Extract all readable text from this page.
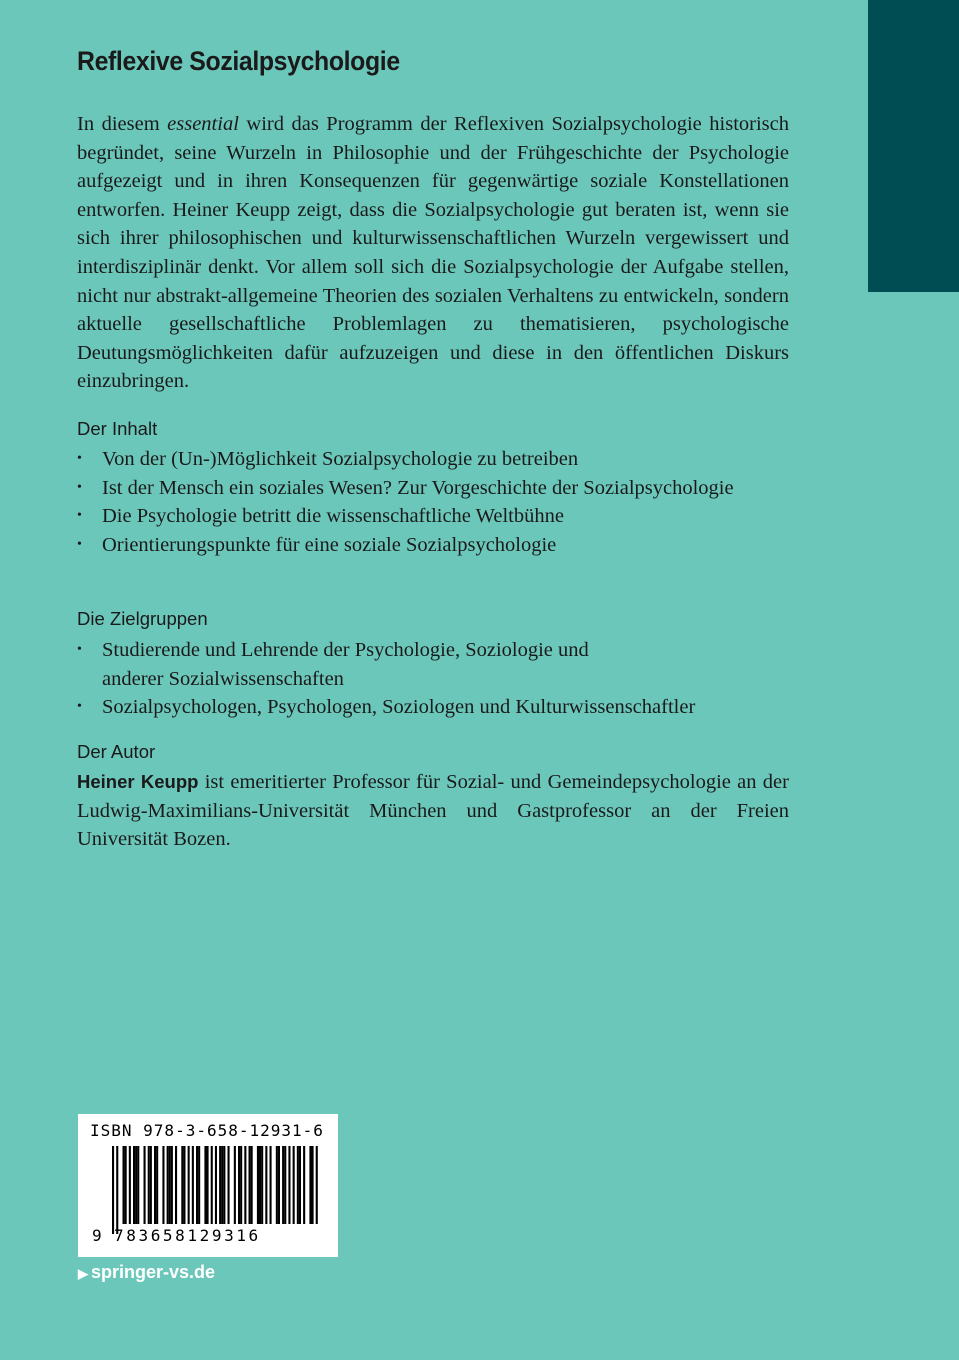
Reflexive Sozialpsychologie

In diesem essential wird das Programm der Reflexiven Sozialpsychologie historisch begründet, seine Wurzeln in Philosophie und der Frühgeschichte der Psychologie aufgezeigt und in ihren Konsequenzen für gegenwärtige soziale Konstellationen entworfen. Heiner Keupp zeigt, dass die Sozialpsychologie gut beraten ist, wenn sie sich ihrer philosophischen und kulturwissenschaftlichen Wurzeln vergewissert und interdisziplinär denkt. Vor allem soll sich die Sozialpsychologie der Aufgabe stellen, nicht nur abstrakt-allgemeine Theorien des sozialen Verhaltens zu entwickeln, sondern aktuelle gesellschaftliche Problemlagen zu thematisieren, psychologische Deutungsmöglichkeiten dafür aufzuzeigen und diese in den öffentlichen Diskurs einzubringen.

Der Inhalt
• Von der (Un-)Möglichkeit Sozialpsychologie zu betreiben
• Ist der Mensch ein soziales Wesen? Zur Vorgeschichte der Sozialpsychologie
• Die Psychologie betritt die wissenschaftliche Weltbühne
• Orientierungspunkte für eine soziale Sozialpsychologie
Die Zielgruppen
• Studierende und Lehrende der Psychologie, Soziologie und anderer Sozialwissenschaften
• Sozialpsychologen, Psychologen, Soziologen und Kulturwissenschaftler
Der Autor

Heiner Keupp ist emeritierter Professor für Sozial- und Gemeindepsychologie an der Ludwig-Maximilians-Universität München und Gastprofessor an der Freien Universität Bozen.

ISBN 978-3-658-12931-6
9 783658129316
▶ springer-vs.de
